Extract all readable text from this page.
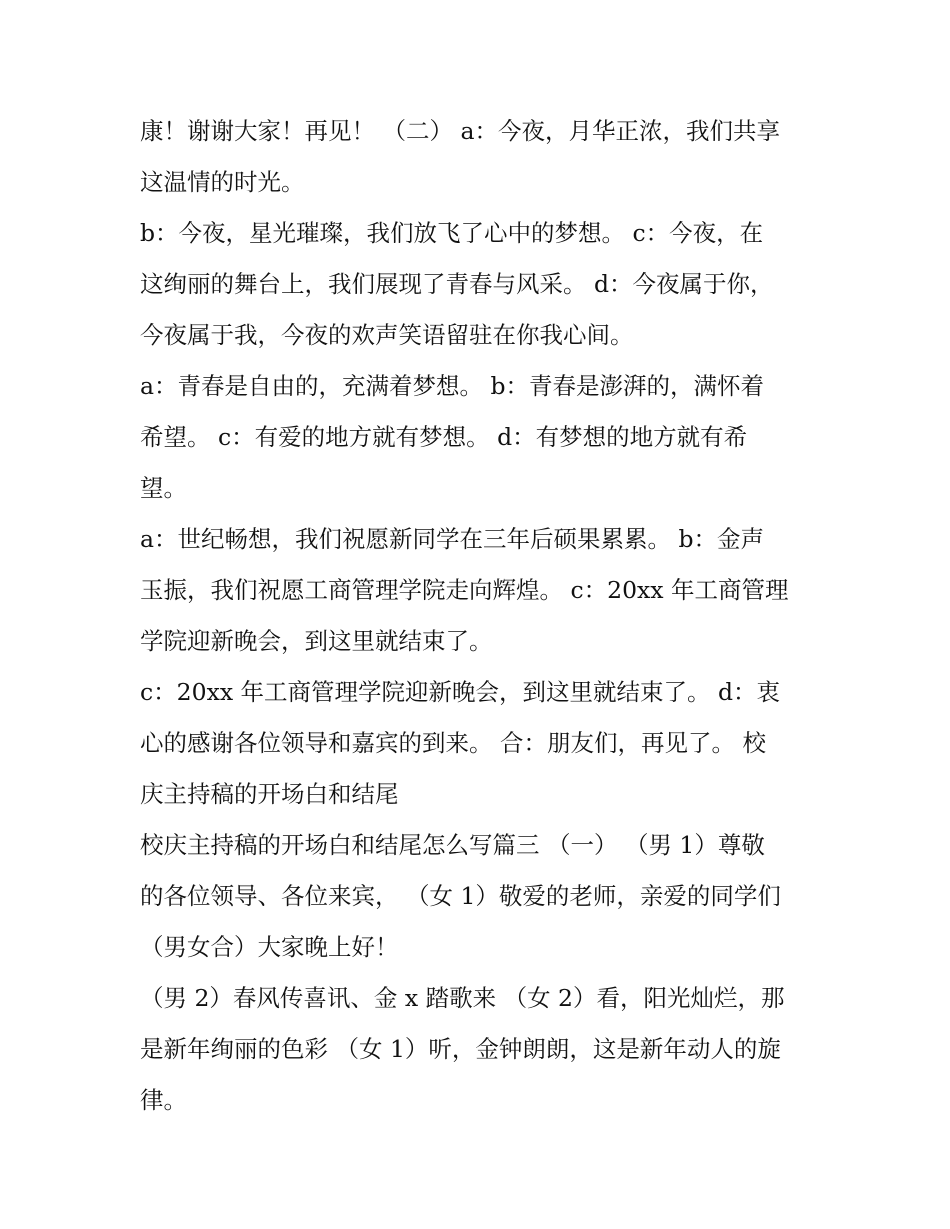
康！谢谢大家！再见！ （二） a：今夜，月华正浓，我们共享
这温情的时光。
b：今夜，星光璀璨，我们放飞了心中的梦想。 c：今夜，在
这绚丽的舞台上，我们展现了青春与风采。 d：今夜属于你，
今夜属于我，今夜的欢声笑语留驻在你我心间。
a：青春是自由的，充满着梦想。 b：青春是澎湃的，满怀着
希望。 c：有爱的地方就有梦想。 d：有梦想的地方就有希
望。
a：世纪畅想，我们祝愿新同学在三年后硕果累累。 b：金声
玉振，我们祝愿工商管理学院走向辉煌。 c：20xx 年工商管理
学院迎新晚会，到这里就结束了。
c：20xx 年工商管理学院迎新晚会，到这里就结束了。 d：衷
心的感谢各位领导和嘉宾的到来。 合：朋友们，再见了。 校
庆主持稿的开场白和结尾
校庆主持稿的开场白和结尾怎么写篇三 （一） （男 1）尊敬
的各位领导、各位来宾， （女 1）敬爱的老师，亲爱的同学们
（男女合）大家晚上好！
（男 2）春风传喜讯、金 x 踏歌来 （女 2）看，阳光灿烂，那
是新年绚丽的色彩 （女 1）听，金钟朗朗，这是新年动人的旋
律。
